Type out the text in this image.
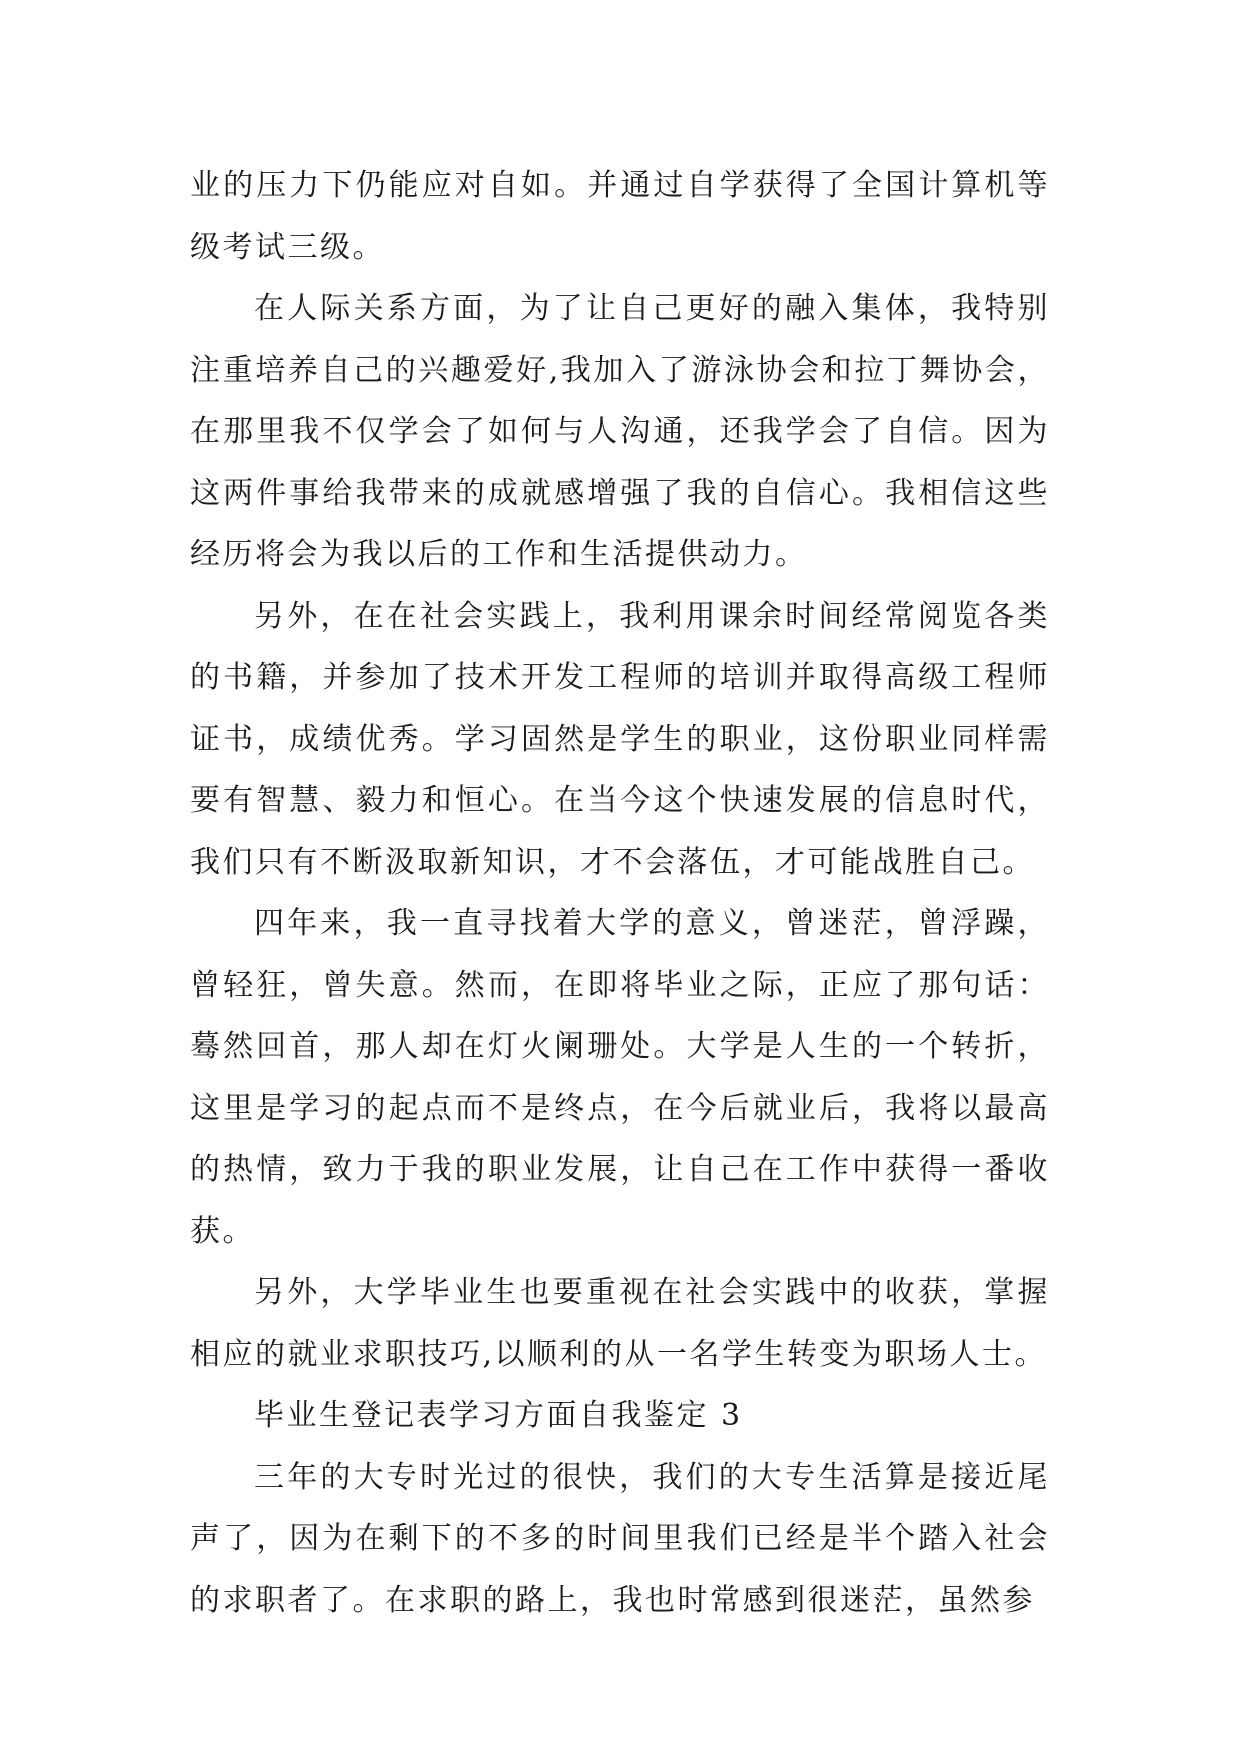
业的压力下仍能应对自如。并通过自学获得了全国计算机等级考试三级。

在人际关系方面，为了让自己更好的融入集体，我特别注重培养自己的兴趣爱好,我加入了游泳协会和拉丁舞协会，在那里我不仅学会了如何与人沟通，还我学会了自信。因为这两件事给我带来的成就感增强了我的自信心。我相信这些经历将会为我以后的工作和生活提供动力。

另外，在在社会实践上，我利用课余时间经常阅览各类的书籍，并参加了技术开发工程师的培训并取得高级工程师证书，成绩优秀。学习固然是学生的职业，这份职业同样需要有智慧、毅力和恒心。在当今这个快速发展的信息时代，我们只有不断汲取新知识，才不会落伍，才可能战胜自己。

四年来，我一直寻找着大学的意义，曾迷茫，曾浮躁，曾轻狂，曾失意。然而，在即将毕业之际，正应了那句话：蓦然回首，那人却在灯火阑珊处。大学是人生的一个转折，这里是学习的起点而不是终点，在今后就业后，我将以最高的热情，致力于我的职业发展，让自己在工作中获得一番收获。

另外，大学毕业生也要重视在社会实践中的收获，掌握相应的就业求职技巧,以顺利的从一名学生转变为职场人士。

毕业生登记表学习方面自我鉴定 3

三年的大专时光过的很快，我们的大专生活算是接近尾声了，因为在剩下的不多的时间里我们已经是半个踏入社会的求职者了。在求职的路上，我也时常感到很迷茫，虽然参
